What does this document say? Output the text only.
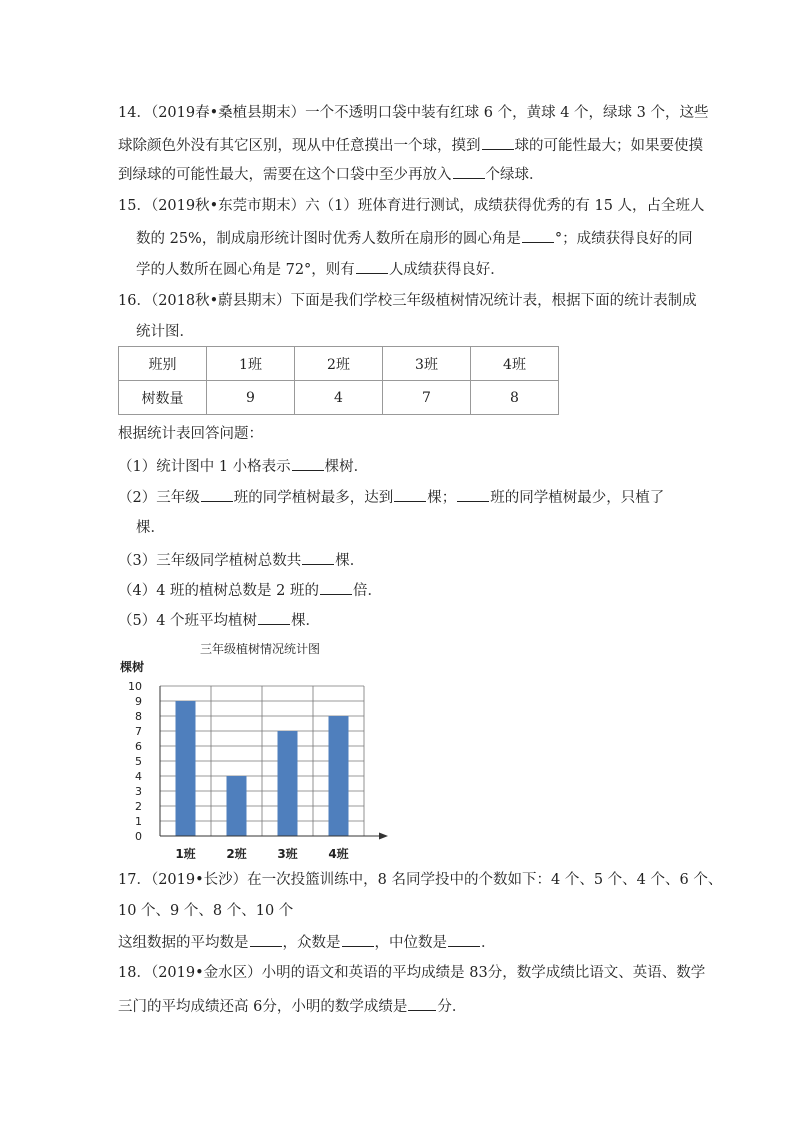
14．（2019春•桑植县期末）一个不透明口袋中装有红球 6 个，黄球 4 个，绿球 3 个，这些
球除颜色外没有其它区别，现从中任意摸出一个球，摸到 球的可能性最大；如果要使摸
到绿球的可能性最大，需要在这个口袋中至少再放入 个绿球．
15．（2019秋•东莞市期末）六（1）班体育进行测试，成绩获得优秀的有 15 人，占全班人
数的 25%，制成扇形统计图时优秀人数所在扇形的圆心角是 °；成绩获得良好的同
学的人数所在圆心角是 72°，则有 人成绩获得良好．
16．（2018秋•蔚县期末）下面是我们学校三年级植树情况统计表，根据下面的统计表制成
统计图．
班别	1班	2班	3班	4班
树数量	9	4	7	8
根据统计表回答问题：
（1）统计图中 1 小格表示 棵树．
（2）三年级 班的同学植树最多，达到 棵； 班的同学植树最少，只植了
棵．
（3）三年级同学植树总数共 棵．
（4）4 班的植树总数是 2 班的 倍．
（5）4 个班平均植树 棵．
三年级植树情况统计图
棵树
0
1
2
3
4
5
6
7
8
9
10
1班	2班	3班	4班
17．（2019•长沙）在一次投篮训练中，8 名同学投中的个数如下：4 个、5 个、4 个、6 个、
10 个、9 个、8 个、10 个
这组数据的平均数是 ，众数是 ，中位数是 ．
18．（2019•金水区）小明的语文和英语的平均成绩是 83分，数学成绩比语文、英语、数学
三门的平均成绩还高 6分，小明的数学成绩是 分．
